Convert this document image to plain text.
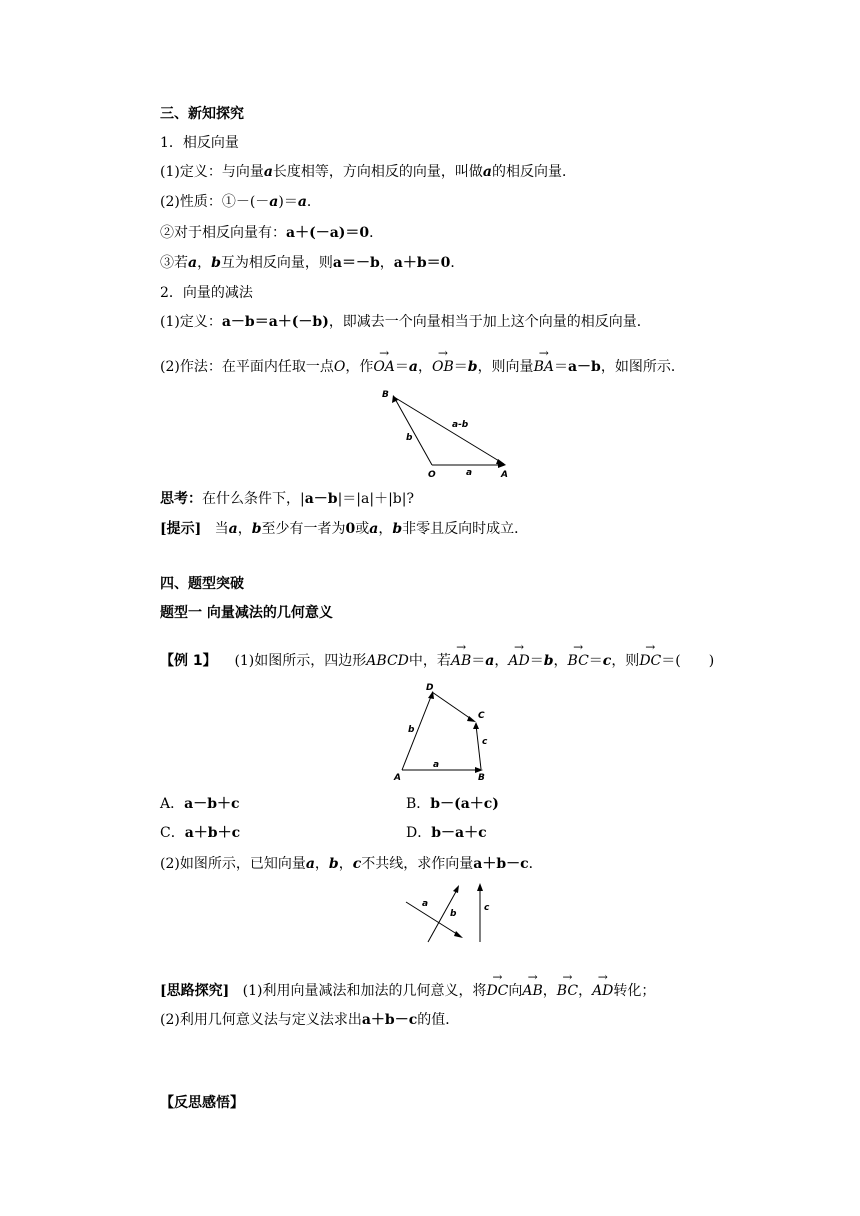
三、新知探究
1．相反向量
(1)定义：与向量a长度相等，方向相反的向量，叫做a的相反向量．
(2)性质：①－(－a)＝a．
②对于相反向量有：a＋(－a)＝0．
③若a，b互为相反向量，则a＝－b，a＋b＝0．
2．向量的减法
(1)定义：a－b＝a＋(－b)，即减去一个向量相当于加上这个向量的相反向量．
(2)作法：在平面内任取一点O，作→ OA＝a，→ OB＝b，则向量→ BA＝a－b，如图所示．
B
O	A
a
b
a-b
思考：在什么条件下，|a－b|＝|a|＋|b|?
[提示] 当a，b至少有一者为0或a，b非零且反向时成立．
四、题型突破
题型一 向量减法的几何意义
【例 1】 (1)如图所示，四边形ABCD中，若→ AB＝a，→ AD＝b，→ BC＝c，则→ DC＝(　　)
D
C
A	B
b
c
a
A．a－b＋c	B．b－(a＋c)
C．a＋b＋c	D．b－a＋c
(2)如图所示，已知向量a，b，c不共线，求作向量a＋b－c．
a
b
c
[思路探究] (1)利用向量减法和加法的几何意义，将→ DC向→ AB，→ BC，→ AD转化；
(2)利用几何意义法与定义法求出a＋b－c的值．
【反思感悟】
